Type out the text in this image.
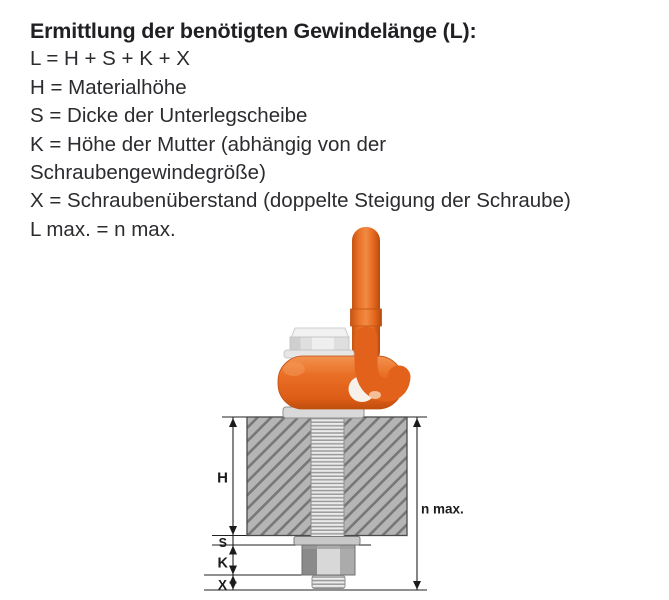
Ermittlung der benötigten Gewindelänge (L):
L = H + S + K + X
H = Materialhöhe
S = Dicke der Unterlegscheibe
K = Höhe der Mutter (abhängig von der
Schraubengewindegröße)
X = Schraubenüberstand (doppelte Steigung der Schraube)
L max. = n max.
H
S
K
X
n max.
